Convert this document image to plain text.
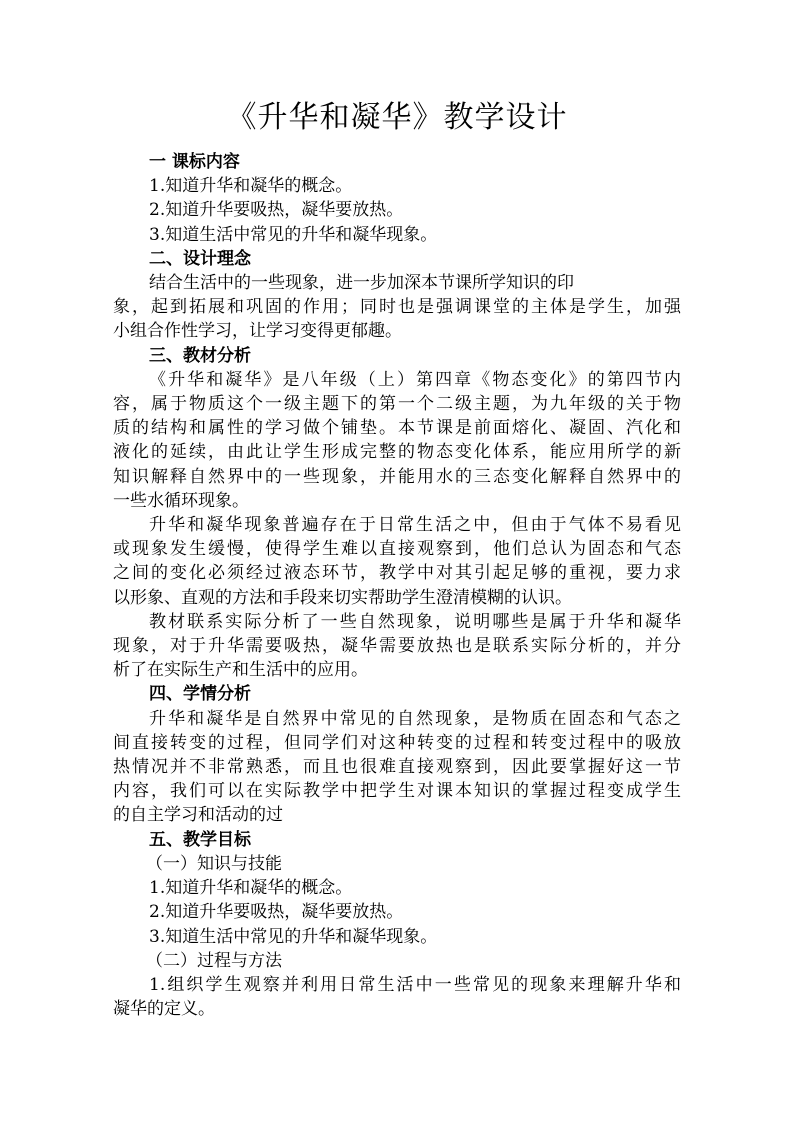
《升华和凝华》教学设计
一 课标内容
1.知道升华和凝华的概念。
2.知道升华要吸热，凝华要放热。
3.知道生活中常见的升华和凝华现象。
二、设计理念
结合生活中的一些现象，进一步加深本节课所学知识的印
象，起到拓展和巩固的作用；同时也是强调课堂的主体是学生，加强
小组合作性学习，让学习变得更郁趣。
三、教材分析
《升华和凝华》是八年级（上）第四章《物态变化》的第四节内
容，属于物质这个一级主题下的第一个二级主题，为九年级的关于物
质的结构和属性的学习做个铺垫。本节课是前面熔化、凝固、汽化和
液化的延续，由此让学生形成完整的物态变化体系，能应用所学的新
知识解释自然界中的一些现象，并能用水的三态变化解释自然界中的
一些水循环现象。
升华和凝华现象普遍存在于日常生活之中，但由于气体不易看见
或现象发生缓慢，使得学生难以直接观察到，他们总认为固态和气态
之间的变化必须经过液态环节，教学中对其引起足够的重视，要力求
以形象、直观的方法和手段来切实帮助学生澄清模糊的认识。
教材联系实际分析了一些自然现象，说明哪些是属于升华和凝华
现象，对于升华需要吸热，凝华需要放热也是联系实际分析的，并分
析了在实际生产和生活中的应用。
四、学情分析
升华和凝华是自然界中常见的自然现象，是物质在固态和气态之
间直接转变的过程，但同学们对这种转变的过程和转变过程中的吸放
热情况并不非常熟悉，而且也很难直接观察到，因此要掌握好这一节
内容，我们可以在实际教学中把学生对课本知识的掌握过程变成学生
的自主学习和活动的过
五、教学目标
（一）知识与技能
1.知道升华和凝华的概念。
2.知道升华要吸热，凝华要放热。
3.知道生活中常见的升华和凝华现象。
（二）过程与方法
1.组织学生观察并利用日常生活中一些常见的现象来理解升华和
凝华的定义。
